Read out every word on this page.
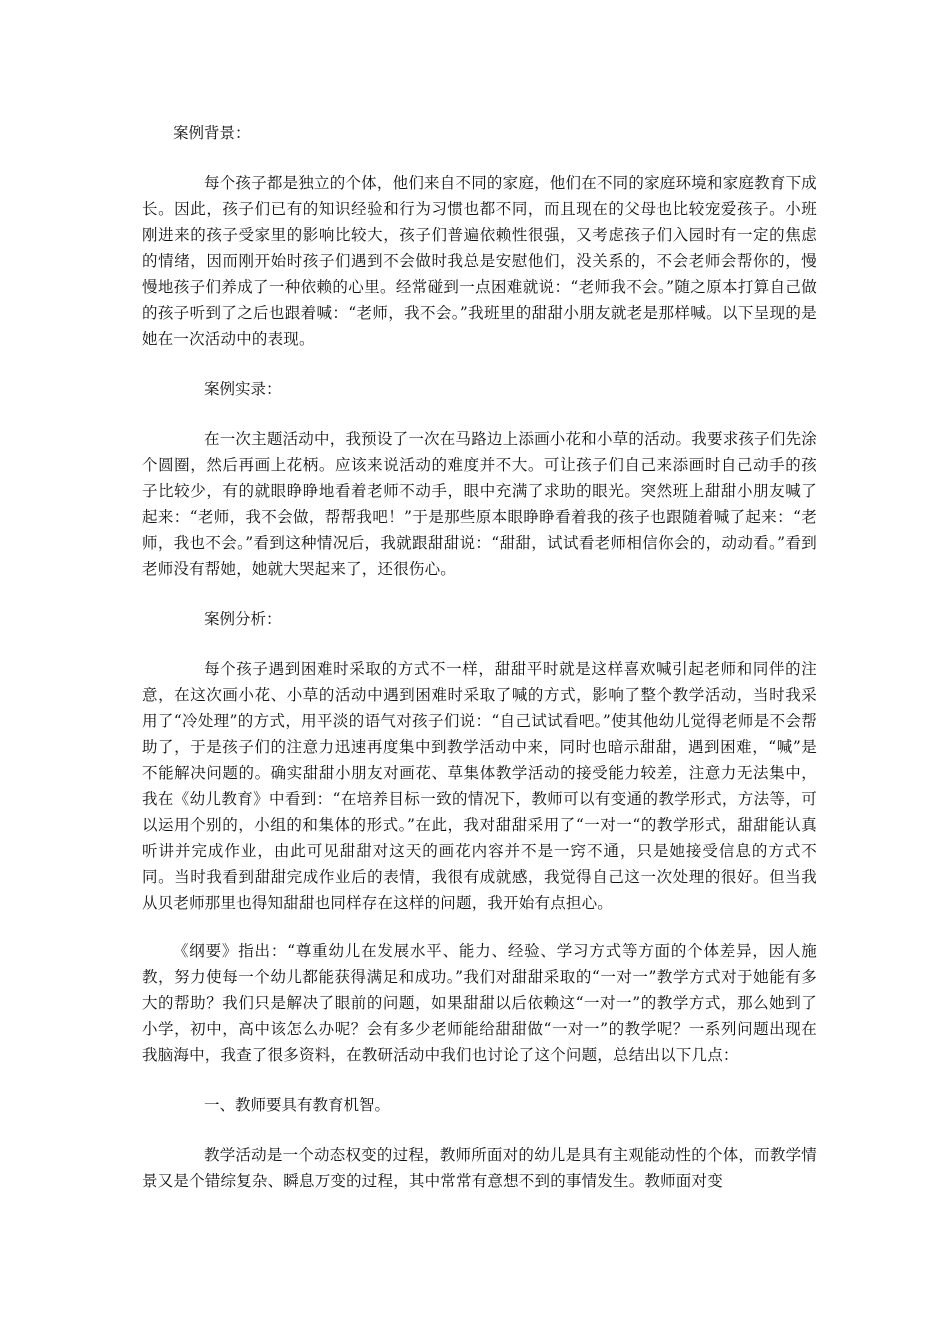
案例背景：

每个孩子都是独立的个体，他们来自不同的家庭，他们在不同的家庭环境和家庭教育下成长。因此，孩子们已有的知识经验和行为习惯也都不同，而且现在的父母也比较宠爱孩子。小班刚进来的孩子受家里的影响比较大，孩子们普遍依赖性很强，又考虑孩子们入园时有一定的焦虑的情绪，因而刚开始时孩子们遇到不会做时我总是安慰他们，没关系的，不会老师会帮你的，慢慢地孩子们养成了一种依赖的心里。经常碰到一点困难就说：“老师我不会。”随之原本打算自己做的孩子听到了之后也跟着喊：“老师，我不会。”我班里的甜甜小朋友就老是那样喊。以下呈现的是她在一次活动中的表现。

案例实录：

在一次主题活动中，我预设了一次在马路边上添画小花和小草的活动。我要求孩子们先涂个圆圈，然后再画上花柄。应该来说活动的难度并不大。可让孩子们自己来添画时自己动手的孩子比较少，有的就眼睁睁地看着老师不动手，眼中充满了求助的眼光。突然班上甜甜小朋友喊了起来：“老师，我不会做，帮帮我吧！”于是那些原本眼睁睁看着我的孩子也跟随着喊了起来：“老师，我也不会。”看到这种情况后，我就跟甜甜说：“甜甜，试试看老师相信你会的，动动看。”看到老师没有帮她，她就大哭起来了，还很伤心。

案例分析：

每个孩子遇到困难时采取的方式不一样，甜甜平时就是这样喜欢喊引起老师和同伴的注意，在这次画小花、小草的活动中遇到困难时采取了喊的方式，影响了整个教学活动，当时我采用了“冷处理”的方式，用平淡的语气对孩子们说：“自己试试看吧。”使其他幼儿觉得老师是不会帮助了，于是孩子们的注意力迅速再度集中到教学活动中来，同时也暗示甜甜，遇到困难，“喊”是不能解决问题的。确实甜甜小朋友对画花、草集体教学活动的接受能力较差，注意力无法集中，我在《幼儿教育》中看到：“在培养目标一致的情况下，教师可以有变通的教学形式，方法等，可以运用个别的，小组的和集体的形式。”在此，我对甜甜采用了“一对一“的教学形式，甜甜能认真听讲并完成作业，由此可见甜甜对这天的画花内容并不是一窍不通，只是她接受信息的方式不同。当时我看到甜甜完成作业后的表情，我很有成就感，我觉得自己这一次处理的很好。但当我从贝老师那里也得知甜甜也同样存在这样的问题，我开始有点担心。

《纲要》指出：“尊重幼儿在发展水平、能力、经验、学习方式等方面的个体差异，因人施教，努力使每一个幼儿都能获得满足和成功。”我们对甜甜采取的“一对一”教学方式对于她能有多大的帮助？我们只是解决了眼前的问题，如果甜甜以后依赖这“一对一”的教学方式，那么她到了小学，初中，高中该怎么办呢？会有多少老师能给甜甜做“一对一”的教学呢？一系列问题出现在我脑海中，我查了很多资料，在教研活动中我们也讨论了这个问题，总结出以下几点：

一、教师要具有教育机智。

教学活动是一个动态权变的过程，教师所面对的幼儿是具有主观能动性的个体，而教学情景又是个错综复杂、瞬息万变的过程，其中常常有意想不到的事情发生。教师面对变
